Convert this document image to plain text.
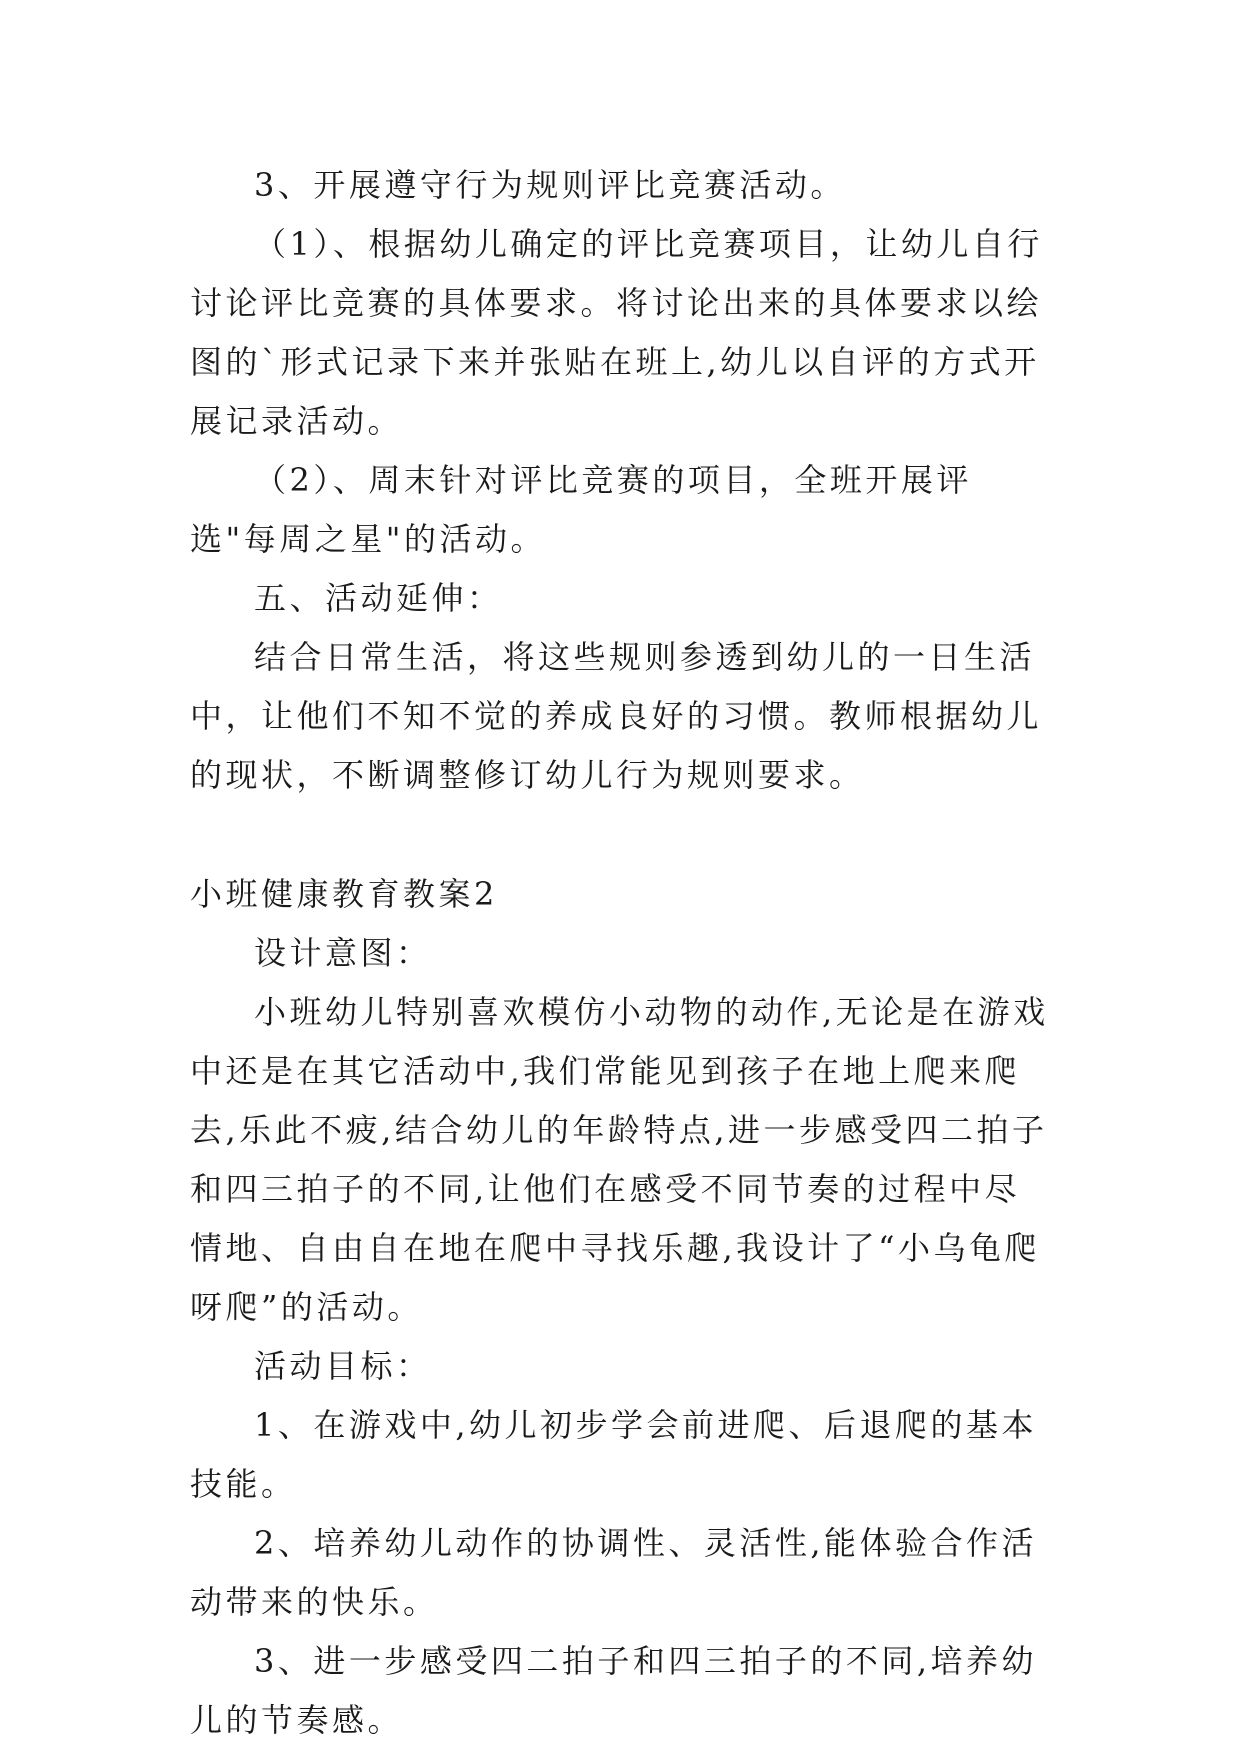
3、开展遵守行为规则评比竞赛活动。

（1）、根据幼儿确定的评比竞赛项目，让幼儿自行讨论评比竞赛的具体要求。将讨论出来的具体要求以绘图的`形式记录下来并张贴在班上,幼儿以自评的方式开展记录活动。

（2）、周末针对评比竞赛的项目，全班开展评选"每周之星"的活动。

五、活动延伸：

结合日常生活，将这些规则参透到幼儿的一日生活中，让他们不知不觉的养成良好的习惯。教师根据幼儿的现状，不断调整修订幼儿行为规则要求。

小班健康教育教案2

设计意图：

小班幼儿特别喜欢模仿小动物的动作,无论是在游戏中还是在其它活动中,我们常能见到孩子在地上爬来爬去,乐此不疲,结合幼儿的年龄特点,进一步感受四二拍子和四三拍子的不同,让他们在感受不同节奏的过程中尽情地、自由自在地在爬中寻找乐趣,我设计了“小乌龟爬呀爬”的活动。

活动目标：

1、在游戏中,幼儿初步学会前进爬、后退爬的基本技能。

2、培养幼儿动作的协调性、灵活性,能体验合作活动带来的快乐。

3、进一步感受四二拍子和四三拍子的不同,培养幼儿的节奏感。
